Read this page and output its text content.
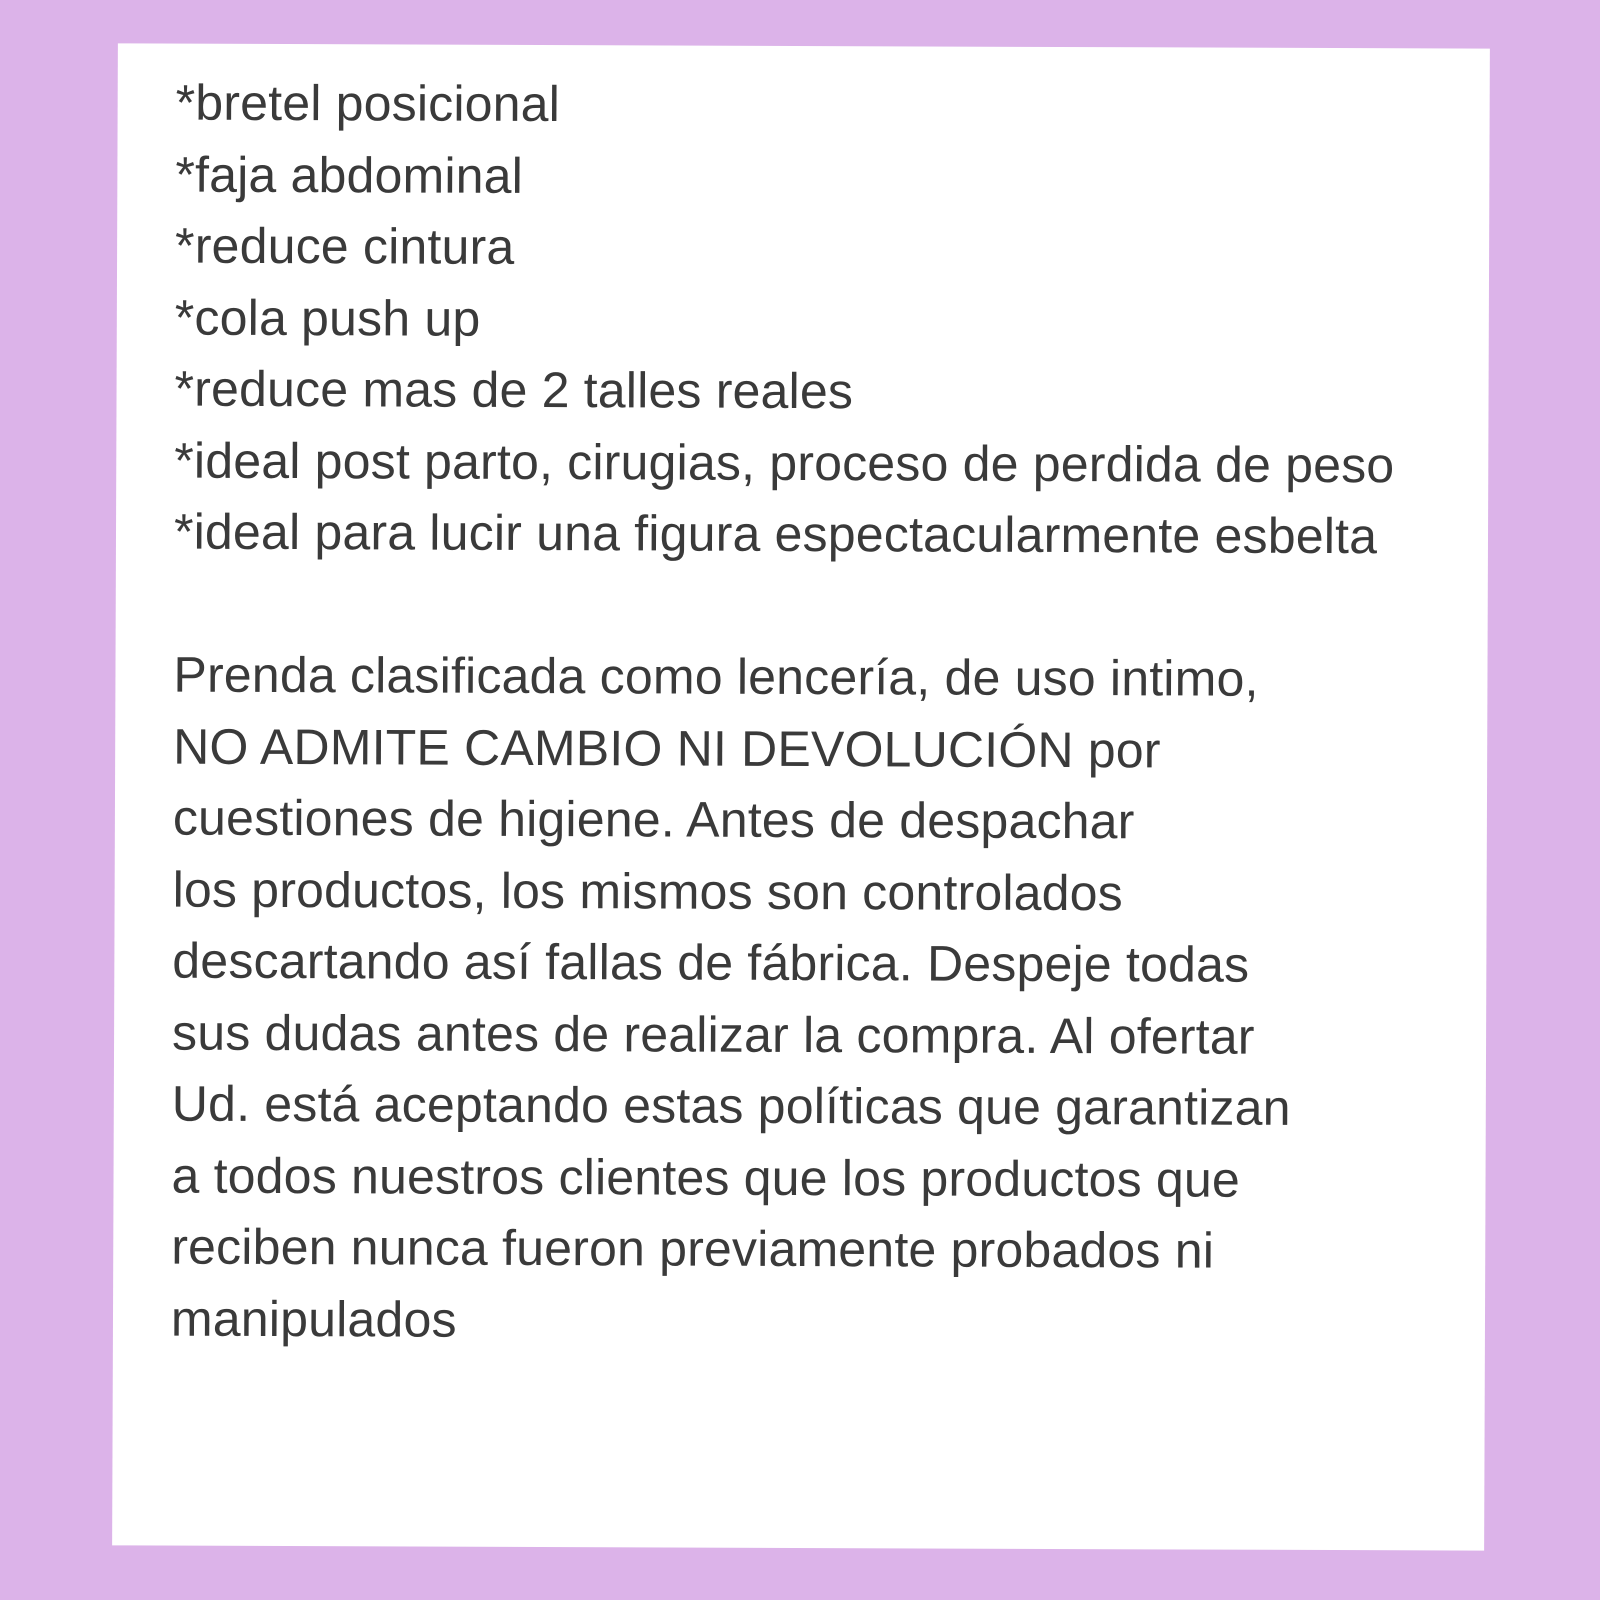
*bretel posicional
*faja abdominal
*reduce cintura
*cola push up
*reduce mas de 2 talles reales
*ideal post parto, cirugias, proceso de perdida de peso
*ideal para lucir una figura espectacularmente esbelta

Prenda clasificada como lencería, de uso intimo,
NO ADMITE CAMBIO NI DEVOLUCIÓN por
cuestiones de higiene. Antes de despachar
los productos, los mismos son controlados
descartando así fallas de fábrica. Despeje todas
sus dudas antes de realizar la compra. Al ofertar
Ud. está aceptando estas políticas que garantizan
a todos nuestros clientes que los productos que
reciben nunca fueron previamente probados ni
manipulados
